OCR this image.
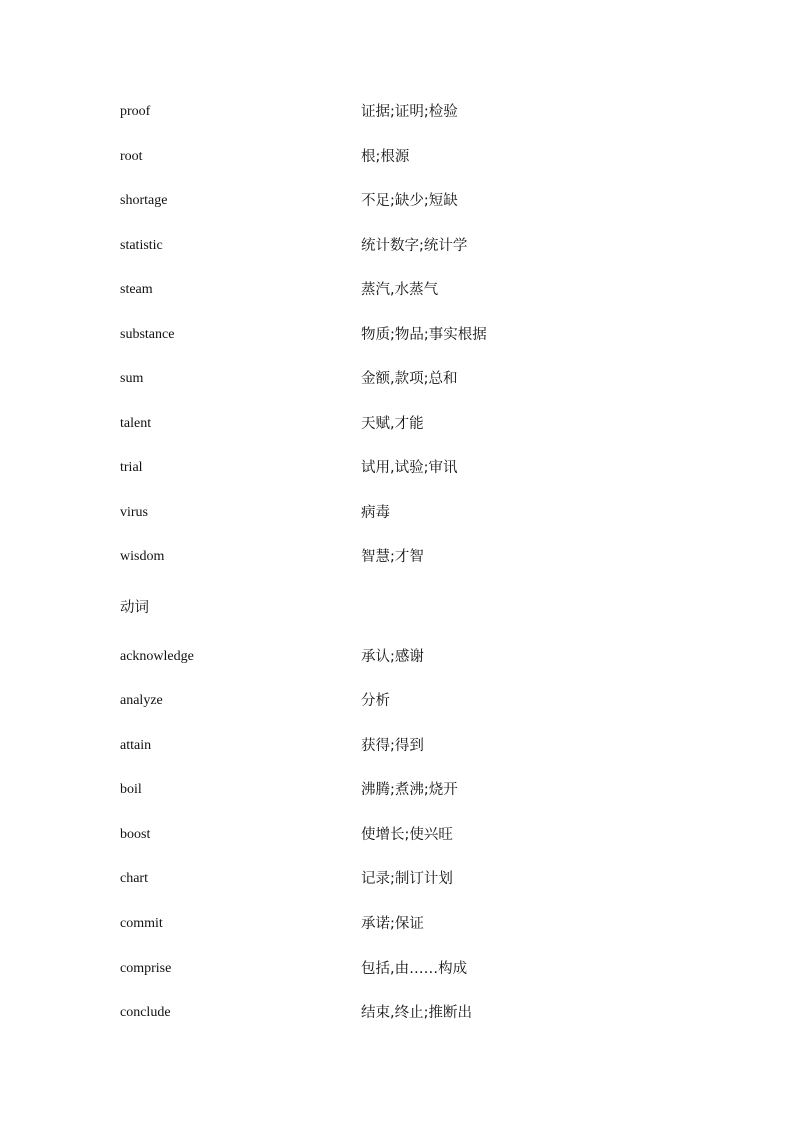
proof	证据;证明;检验
root	根;根源
shortage	不足;缺少;短缺
statistic	统计数字;统计学
steam	蒸汽,水蒸气
substance	物质;物品;事实根据
sum	金额,款项;总和
talent	天赋,才能
trial	试用,试验;审讯
virus	病毒
wisdom	智慧;才智
动词
acknowledge	承认;感谢
analyze	分析
attain	获得;得到
boil	沸腾;煮沸;烧开
boost	使增长;使兴旺
chart	记录;制订计划
commit	承诺;保证
comprise	包括,由……构成
conclude	结束,终止;推断出
